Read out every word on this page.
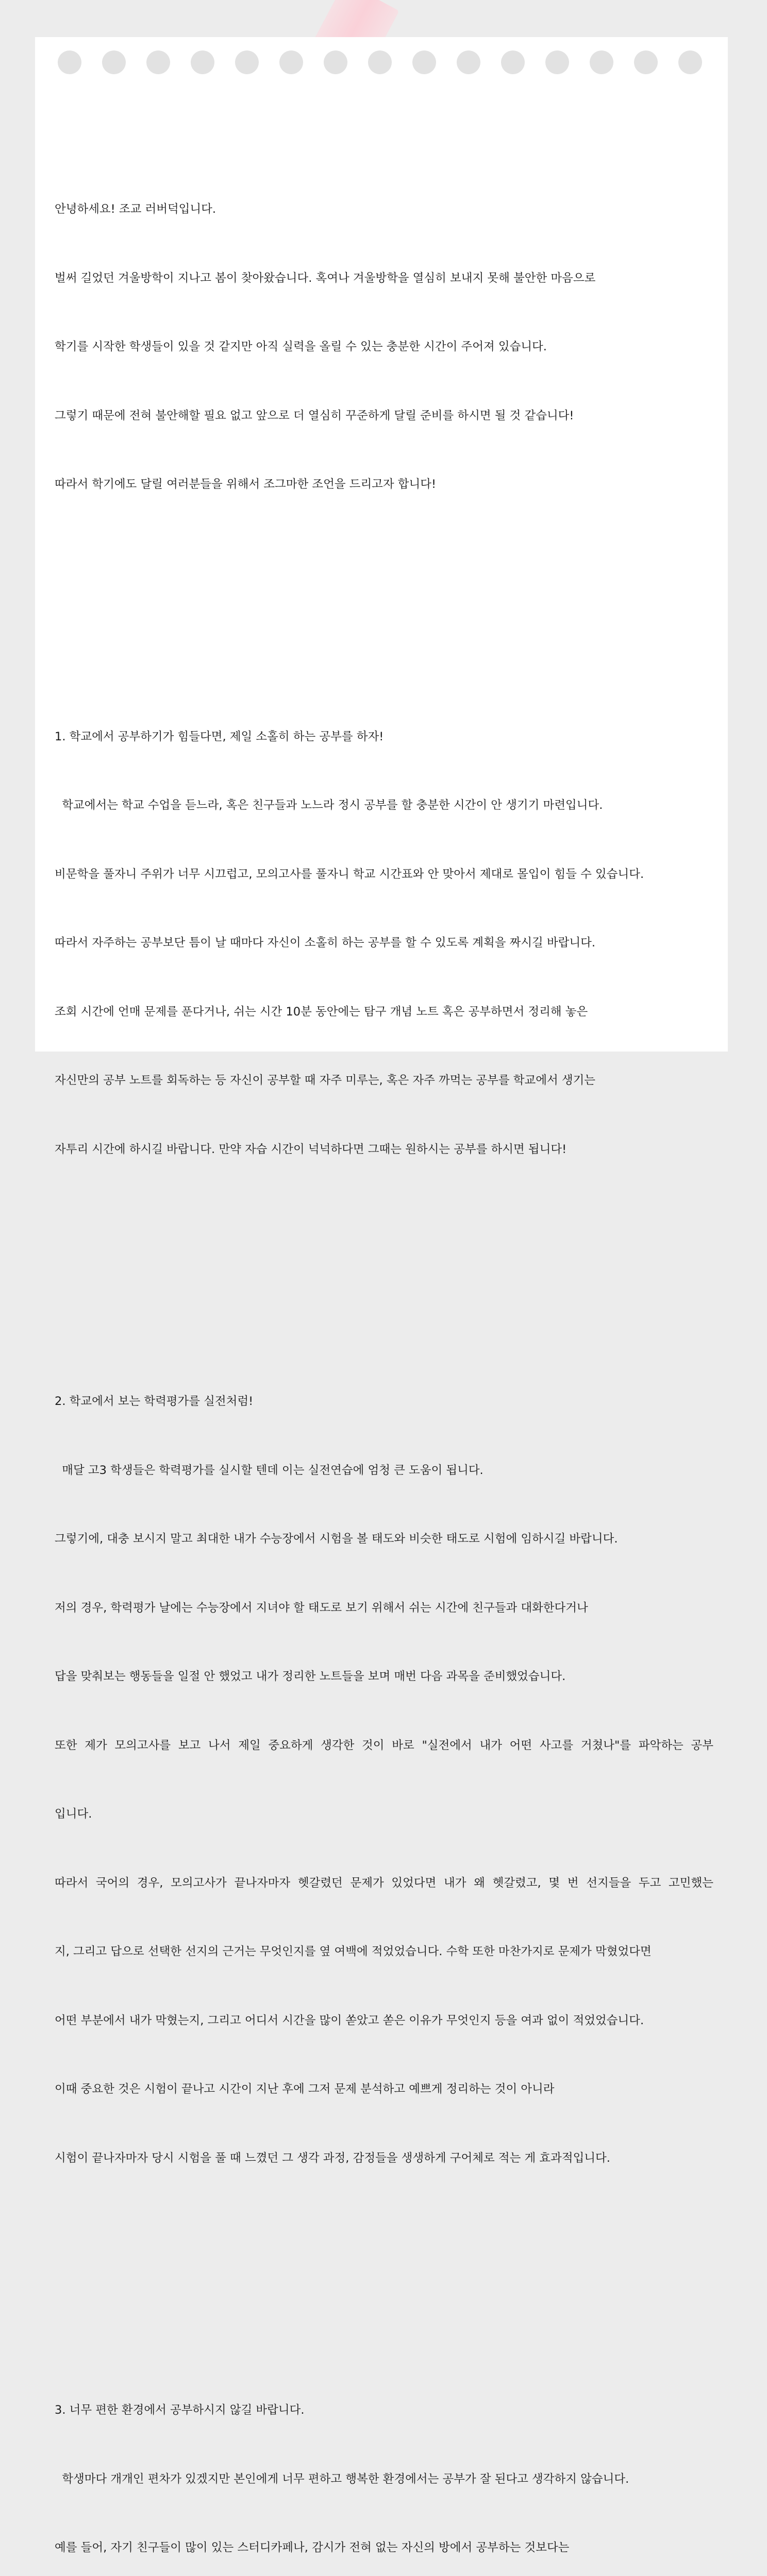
안녕하세요! 조교 러버덕입니다.

벌써 길었던 겨울방학이 지나고 봄이 찾아왔습니다. 혹여나 겨울방학을 열심히 보내지 못해 불안한 마음으로

학기를 시작한 학생들이 있을 것 같지만 아직 실력을 올릴 수 있는 충분한 시간이 주어져 있습니다.

그렇기 때문에 전혀 불안해할 필요 없고 앞으로 더 열심히 꾸준하게 달릴 준비를 하시면 될 것 같습니다!

따라서 학기에도 달릴 여러분들을 위해서 조그마한 조언을 드리고자 합니다!

1. 학교에서 공부하기가 힘들다면, 제일 소홀히 하는 공부를 하자!

학교에서는 학교 수업을 듣느라, 혹은 친구들과 노느라 정시 공부를 할 충분한 시간이 안 생기기 마련입니다.

비문학을 풀자니 주위가 너무 시끄럽고, 모의고사를 풀자니 학교 시간표와 안 맞아서 제대로 몰입이 힘들 수 있습니다.

따라서 자주하는 공부보단 틈이 날 때마다 자신이 소홀히 하는 공부를 할 수 있도록 계획을 짜시길 바랍니다.

조회 시간에 언매 문제를 푼다거나, 쉬는 시간 10분 동안에는 탐구 개념 노트 혹은 공부하면서 정리해 놓은

자신만의 공부 노트를 회독하는 등 자신이 공부할 때 자주 미루는, 혹은 자주 까먹는 공부를 학교에서 생기는

자투리 시간에 하시길 바랍니다. 만약 자습 시간이 넉넉하다면 그때는 원하시는 공부를 하시면 됩니다!

2. 학교에서 보는 학력평가를 실전처럼!

매달 고3 학생들은 학력평가를 실시할 텐데 이는 실전연습에 엄청 큰 도움이 됩니다.

그렇기에, 대충 보시지 말고 최대한 내가 수능장에서 시험을 볼 태도와 비슷한 태도로 시험에 임하시길 바랍니다.

저의 경우, 학력평가 날에는 수능장에서 지녀야 할 태도로 보기 위해서 쉬는 시간에 친구들과 대화한다거나

답을 맞춰보는 행동들을 일절 안 했었고 내가 정리한 노트들을 보며 매번 다음 과목을 준비했었습니다.

또한 제가 모의고사를 보고 나서 제일 중요하게 생각한 것이 바로 "실전에서 내가 어떤 사고를 거쳤나"를 파악하는 공부

입니다.

따라서 국어의 경우, 모의고사가 끝나자마자 헷갈렸던 문제가 있었다면 내가 왜 헷갈렸고, 몇 번 선지들을 두고 고민했는

지, 그리고 답으로 선택한 선지의 근거는 무엇인지를 옆 여백에 적었었습니다. 수학 또한 마찬가지로 문제가 막혔었다면

어떤 부분에서 내가 막혔는지, 그리고 어디서 시간을 많이 쏟았고 쏟은 이유가 무엇인지 등을 여과 없이 적었었습니다.

이때 중요한 것은 시험이 끝나고 시간이 지난 후에 그저 문제 분석하고 예쁘게 정리하는 것이 아니라

시험이 끝나자마자 당시 시험을 풀 때 느꼈던 그 생각 과정, 감정들을 생생하게 구어체로 적는 게 효과적입니다.

3. 너무 편한 환경에서 공부하시지 않길 바랍니다.

학생마다 개개인 편차가 있겠지만 본인에게 너무 편하고 행복한 환경에서는 공부가 잘 된다고 생각하지 않습니다.

예를 들어, 자기 친구들이 많이 있는 스터디카페나, 감시가 전혀 없는 자신의 방에서 공부하는 것보다는
